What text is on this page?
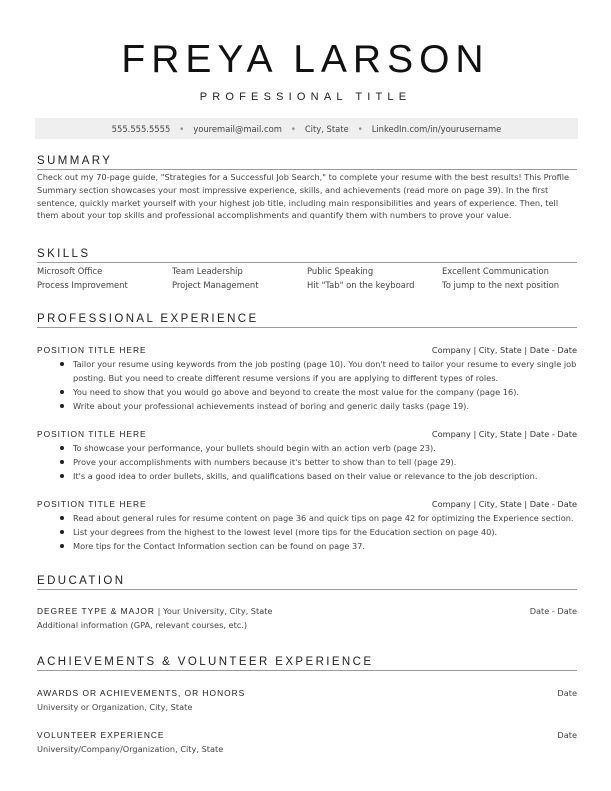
FREYA LARSON
PROFESSIONAL TITLE
555.555.5555 • youremail@mail.com • City, State • LinkedIn.com/in/yourusername
SUMMARY
Check out my 70-page guide, "Strategies for a Successful Job Search," to complete your resume with the best results! This Profile Summary section showcases your most impressive experience, skills, and achievements (read more on page 39). In the first sentence, quickly market yourself with your highest job title, including main responsibilities and years of experience. Then, tell them about your top skills and professional accomplishments and quantify them with numbers to prove your value.
SKILLS
Microsoft Office	Team Leadership	Public Speaking	Excellent Communication
Process Improvement	Project Management	Hit "Tab" on the keyboard	To jump to the next position
PROFESSIONAL EXPERIENCE
POSITION TITLE HERE	Company | City, State | Date - Date
Tailor your resume using keywords from the job posting (page 10). You don't need to tailor your resume to every single job posting. But you need to create different resume versions if you are applying to different types of roles.
You need to show that you would go above and beyond to create the most value for the company (page 16).
Write about your professional achievements instead of boring and generic daily tasks (page 19).
POSITION TITLE HERE	Company | City, State | Date - Date
To showcase your performance, your bullets should begin with an action verb (page 23).
Prove your accomplishments with numbers because it's better to show than to tell (page 29).
It's a good idea to order bullets, skills, and qualifications based on their value or relevance to the job description.
POSITION TITLE HERE	Company | City, State | Date - Date
Read about general rules for resume content on page 36 and quick tips on page 42 for optimizing the Experience section.
List your degrees from the highest to the lowest level (more tips for the Education section on page 40).
More tips for the Contact Information section can be found on page 37.
EDUCATION
DEGREE TYPE & MAJOR | Your University, City, State	Date - Date
Additional information (GPA, relevant courses, etc.)
ACHIEVEMENTS & VOLUNTEER EXPERIENCE
AWARDS OR ACHIEVEMENTS, OR HONORS	Date
University or Organization, City, State
VOLUNTEER EXPERIENCE	Date
University/Company/Organization, City, State
